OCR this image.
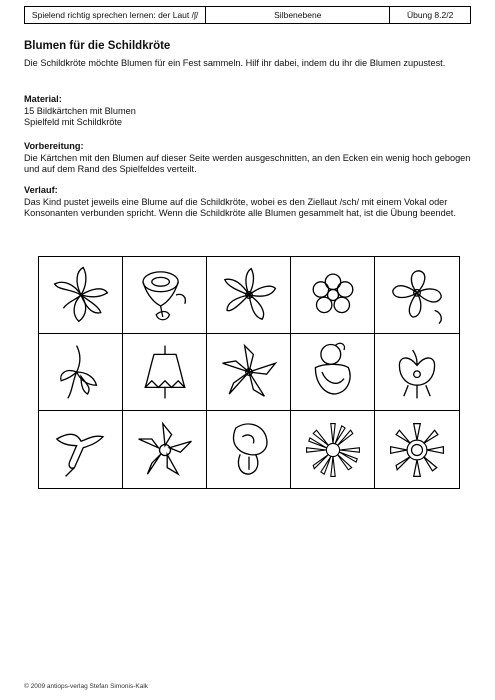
Spielend richtig sprechen lernen: der Laut /ʃ/	Silbenebene	Übung 8.2/2
Blumen für die Schildkröte
Die Schildkröte möchte Blumen für ein Fest sammeln. Hilf ihr dabei, indem du ihr die Blumen zupustest.
Material:
15 Bildkärtchen mit Blumen
Spielfeld mit Schildkröte
Vorbereitung:
Die Kärtchen mit den Blumen auf dieser Seite werden ausgeschnitten, an den Ecken ein wenig hoch gebogen und auf dem Rand des Spielfeldes verteilt.
Verlauf:
Das Kind pustet jeweils eine Blume auf die Schildkröte, wobei es den Ziellaut /sch/ mit einem Vokal oder Konsonanten verbunden spricht. Wenn die Schildkröte alle Blumen gesammelt hat, ist die Übung beendet.
© 2009 antiops-verlag Stefan Simonis-Kalk
